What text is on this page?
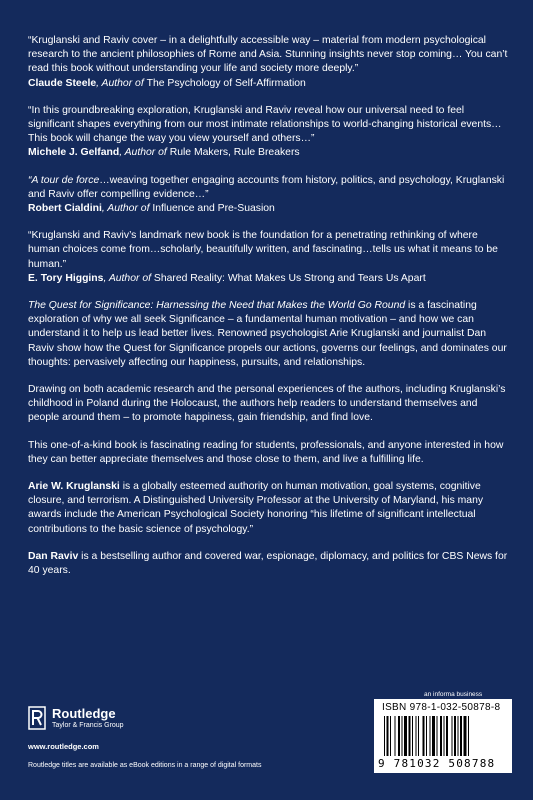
“Kruglanski and Raviv cover – in a delightfully accessible way – material from modern psychological research to the ancient philosophies of Rome and Asia. Stunning insights never stop coming… You can’t read this book without understanding your life and society more deeply.”
Claude Steele, Author of The Psychology of Self-Affirmation
“In this groundbreaking exploration, Kruglanski and Raviv reveal how our universal need to feel significant shapes everything from our most intimate relationships to world-changing historical events… This book will change the way you view yourself and others…”
Michele J. Gelfand, Author of Rule Makers, Rule Breakers
“A tour de force…weaving together engaging accounts from history, politics, and psychology, Kruglanski and Raviv offer compelling evidence…”
Robert Cialdini, Author of Influence and Pre-Suasion
“Kruglanski and Raviv’s landmark new book is the foundation for a penetrating rethinking of where human choices come from…scholarly, beautifully written, and fascinating…tells us what it means to be human.”
E. Tory Higgins, Author of Shared Reality: What Makes Us Strong and Tears Us Apart

The Quest for Significance: Harnessing the Need that Makes the World Go Round is a fascinating exploration of why we all seek Significance – a fundamental human motivation – and how we can understand it to help us lead better lives. Renowned psychologist Arie Kruglanski and journalist Dan Raviv show how the Quest for Significance propels our actions, governs our feelings, and dominates our thoughts: pervasively affecting our happiness, pursuits, and relationships.

Drawing on both academic research and the personal experiences of the authors, including Kruglanski’s childhood in Poland during the Holocaust, the authors help readers to understand themselves and people around them – to promote happiness, gain friendship, and find love.

This one-of-a-kind book is fascinating reading for students, professionals, and anyone interested in how they can better appreciate themselves and those close to them, and live a fulfilling life.

Arie W. Kruglanski is a globally esteemed authority on human motivation, goal systems, cognitive closure, and terrorism. A Distinguished University Professor at the University of Maryland, his many awards include the American Psychological Society honoring “his lifetime of significant intellectual contributions to the basic science of psychology.”

Dan Raviv is a bestselling author and covered war, espionage, diplomacy, and politics for CBS News for 40 years.

Routledge
Taylor & Francis Group
www.routledge.com
Routledge titles are available as eBook editions in a range of digital formats
an informa business
ISBN 978-1-032-50878-8
9 781032 508788
